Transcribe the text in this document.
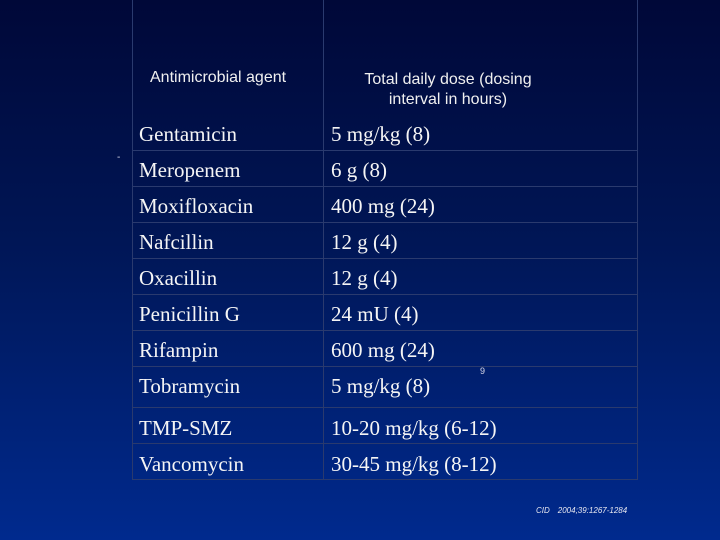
Antimicrobial agent	Total daily dose (dosing
interval in hours)
-
Gentamicin	5 mg/kg (8)
Meropenem	6 g (8)
Moxifloxacin	400 mg (24)
Nafcillin	12 g (4)
Oxacillin	12 g (4)
Penicillin G	24 mU (4)
Rifampin	600 mg (24)
Tobramycin	5 mg/kg (8)
9
TMP-SMZ	10-20 mg/kg (6-12)
Vancomycin	30-45 mg/kg (8-12)
CID 2004;39:1267-1284
